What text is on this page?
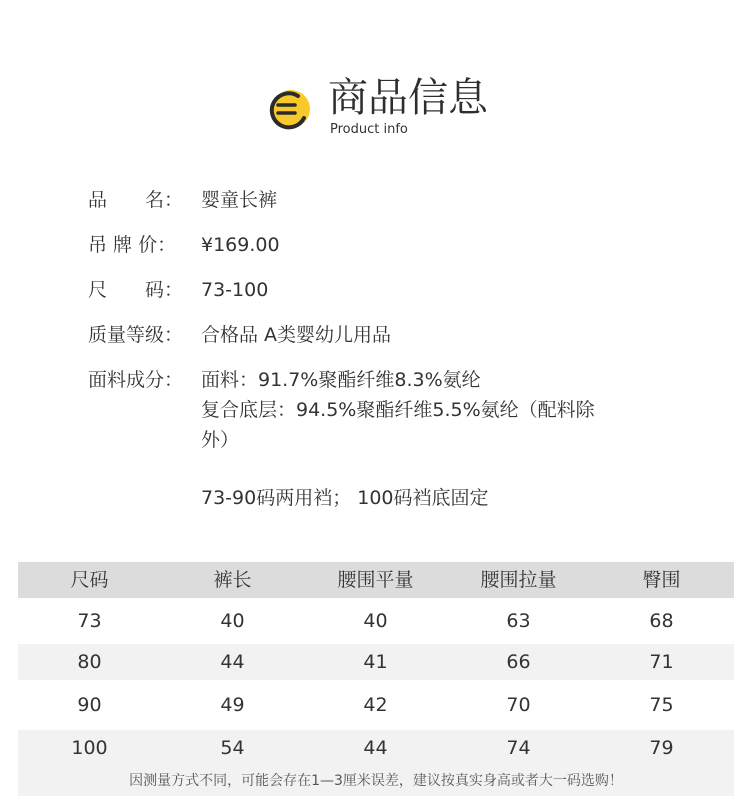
商品信息
Product info
品　　名： 婴童长裤
吊 牌 价：	¥169.00
尺　　码： 73-100
质量等级： 合格品 A类婴幼儿用品
面料成分： 面料：91.7%聚酯纤维8.3%氨纶
复合底层：94.5%聚酯纤维5.5%氨纶（配料除
外）
73-90码两用裆； 100码裆底固定
尺码	裤长	腰围平量	腰围拉量	臀围
73	40	40	63	68
80	44	41	66	71
90	49	42	70	75
100	54	44	74	79
因测量方式不同，可能会存在1—3厘米误差，建议按真实身高或者大一码选购！
